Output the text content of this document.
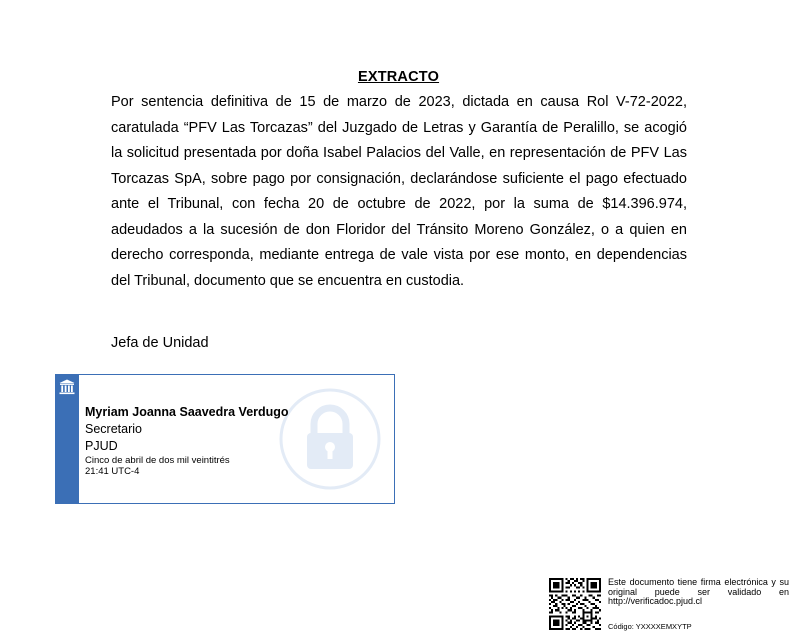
EXTRACTO
Por sentencia definitiva de 15 de marzo de 2023, dictada en causa Rol V-72-2022, caratulada “PFV Las Torcazas” del Juzgado de Letras y Garantía de Peralillo, se acogió la solicitud presentada por doña Isabel Palacios del Valle, en representación de PFV Las Torcazas SpA, sobre pago por consignación, declarándose suficiente el pago efectuado ante el Tribunal, con fecha 20 de octubre de 2022, por la suma de $14.396.974, adeudados a la sucesión de don Floridor del Tránsito Moreno González, o a quien en derecho corresponda, mediante entrega de vale vista por ese monto, en dependencias del Tribunal, documento que se encuentra en custodia.
Jefa de Unidad
Myriam Joanna Saavedra Verdugo
Secretario
PJUD
Cinco de abril de dos mil veintitrés
21:41 UTC-4
Este documento tiene firma electrónica y su original puede ser validado en http://verificadoc.pjud.cl
Código: YXXXXEMXYTP
